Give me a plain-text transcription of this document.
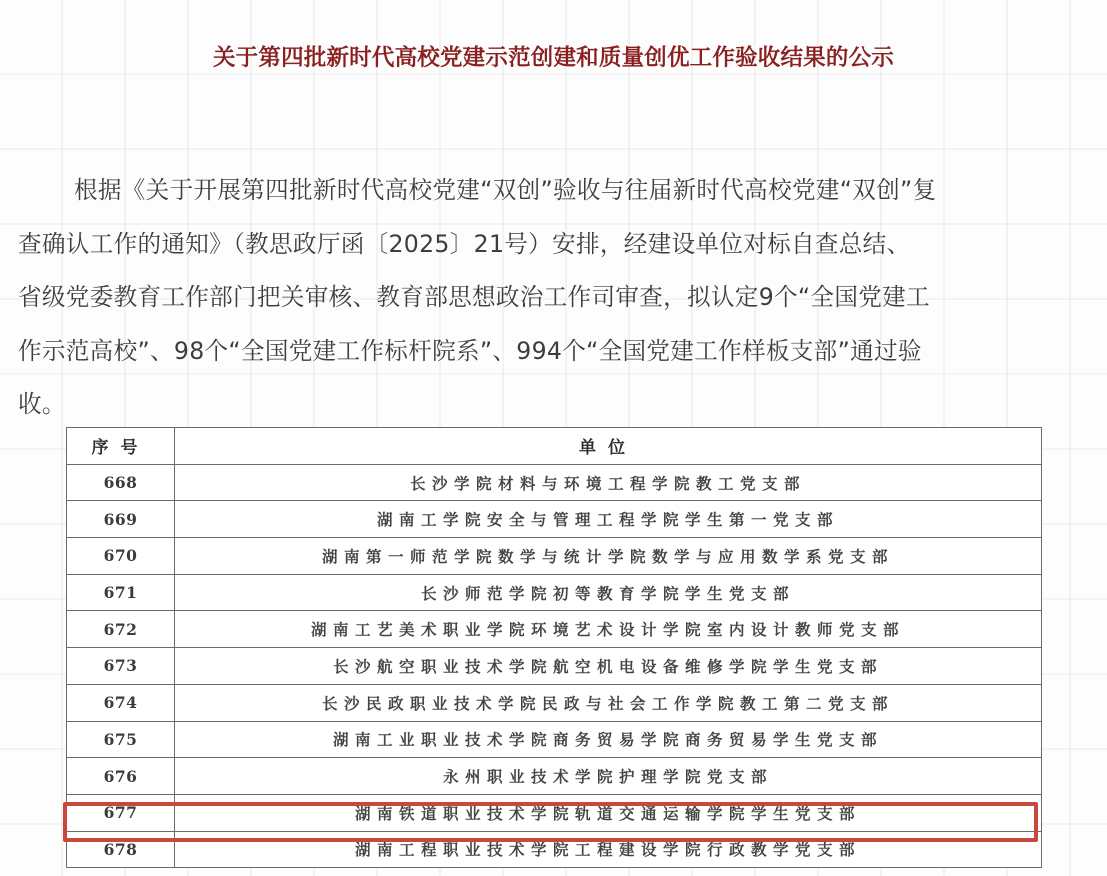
关于第四批新时代高校党建示范创建和质量创优工作验收结果的公示
根据《关于开展第四批新时代高校党建“双创”验收与往届新时代高校党建“双创”复
查确认工作的通知》（教思政厅函〔2025〕21号）安排，经建设单位对标自查总结、
省级党委教育工作部门把关审核、教育部思想政治工作司审查，拟认定9个“全国党建工
作示范高校”、98个“全国党建工作标杆院系”、994个“全国党建工作样板支部”通过验
收。
序号	单位
668	长沙学院材料与环境工程学院教工党支部
669	湖南工学院安全与管理工程学院学生第一党支部
670	湖南第一师范学院数学与统计学院数学与应用数学系党支部
671	长沙师范学院初等教育学院学生党支部
672	湖南工艺美术职业学院环境艺术设计学院室内设计教师党支部
673	长沙航空职业技术学院航空机电设备维修学院学生党支部
674	长沙民政职业技术学院民政与社会工作学院教工第二党支部
675	湖南工业职业技术学院商务贸易学院商务贸易学生党支部
676	永州职业技术学院护理学院党支部
677	湖南铁道职业技术学院轨道交通运输学院学生党支部
678	湖南工程职业技术学院工程建设学院行政教学党支部
